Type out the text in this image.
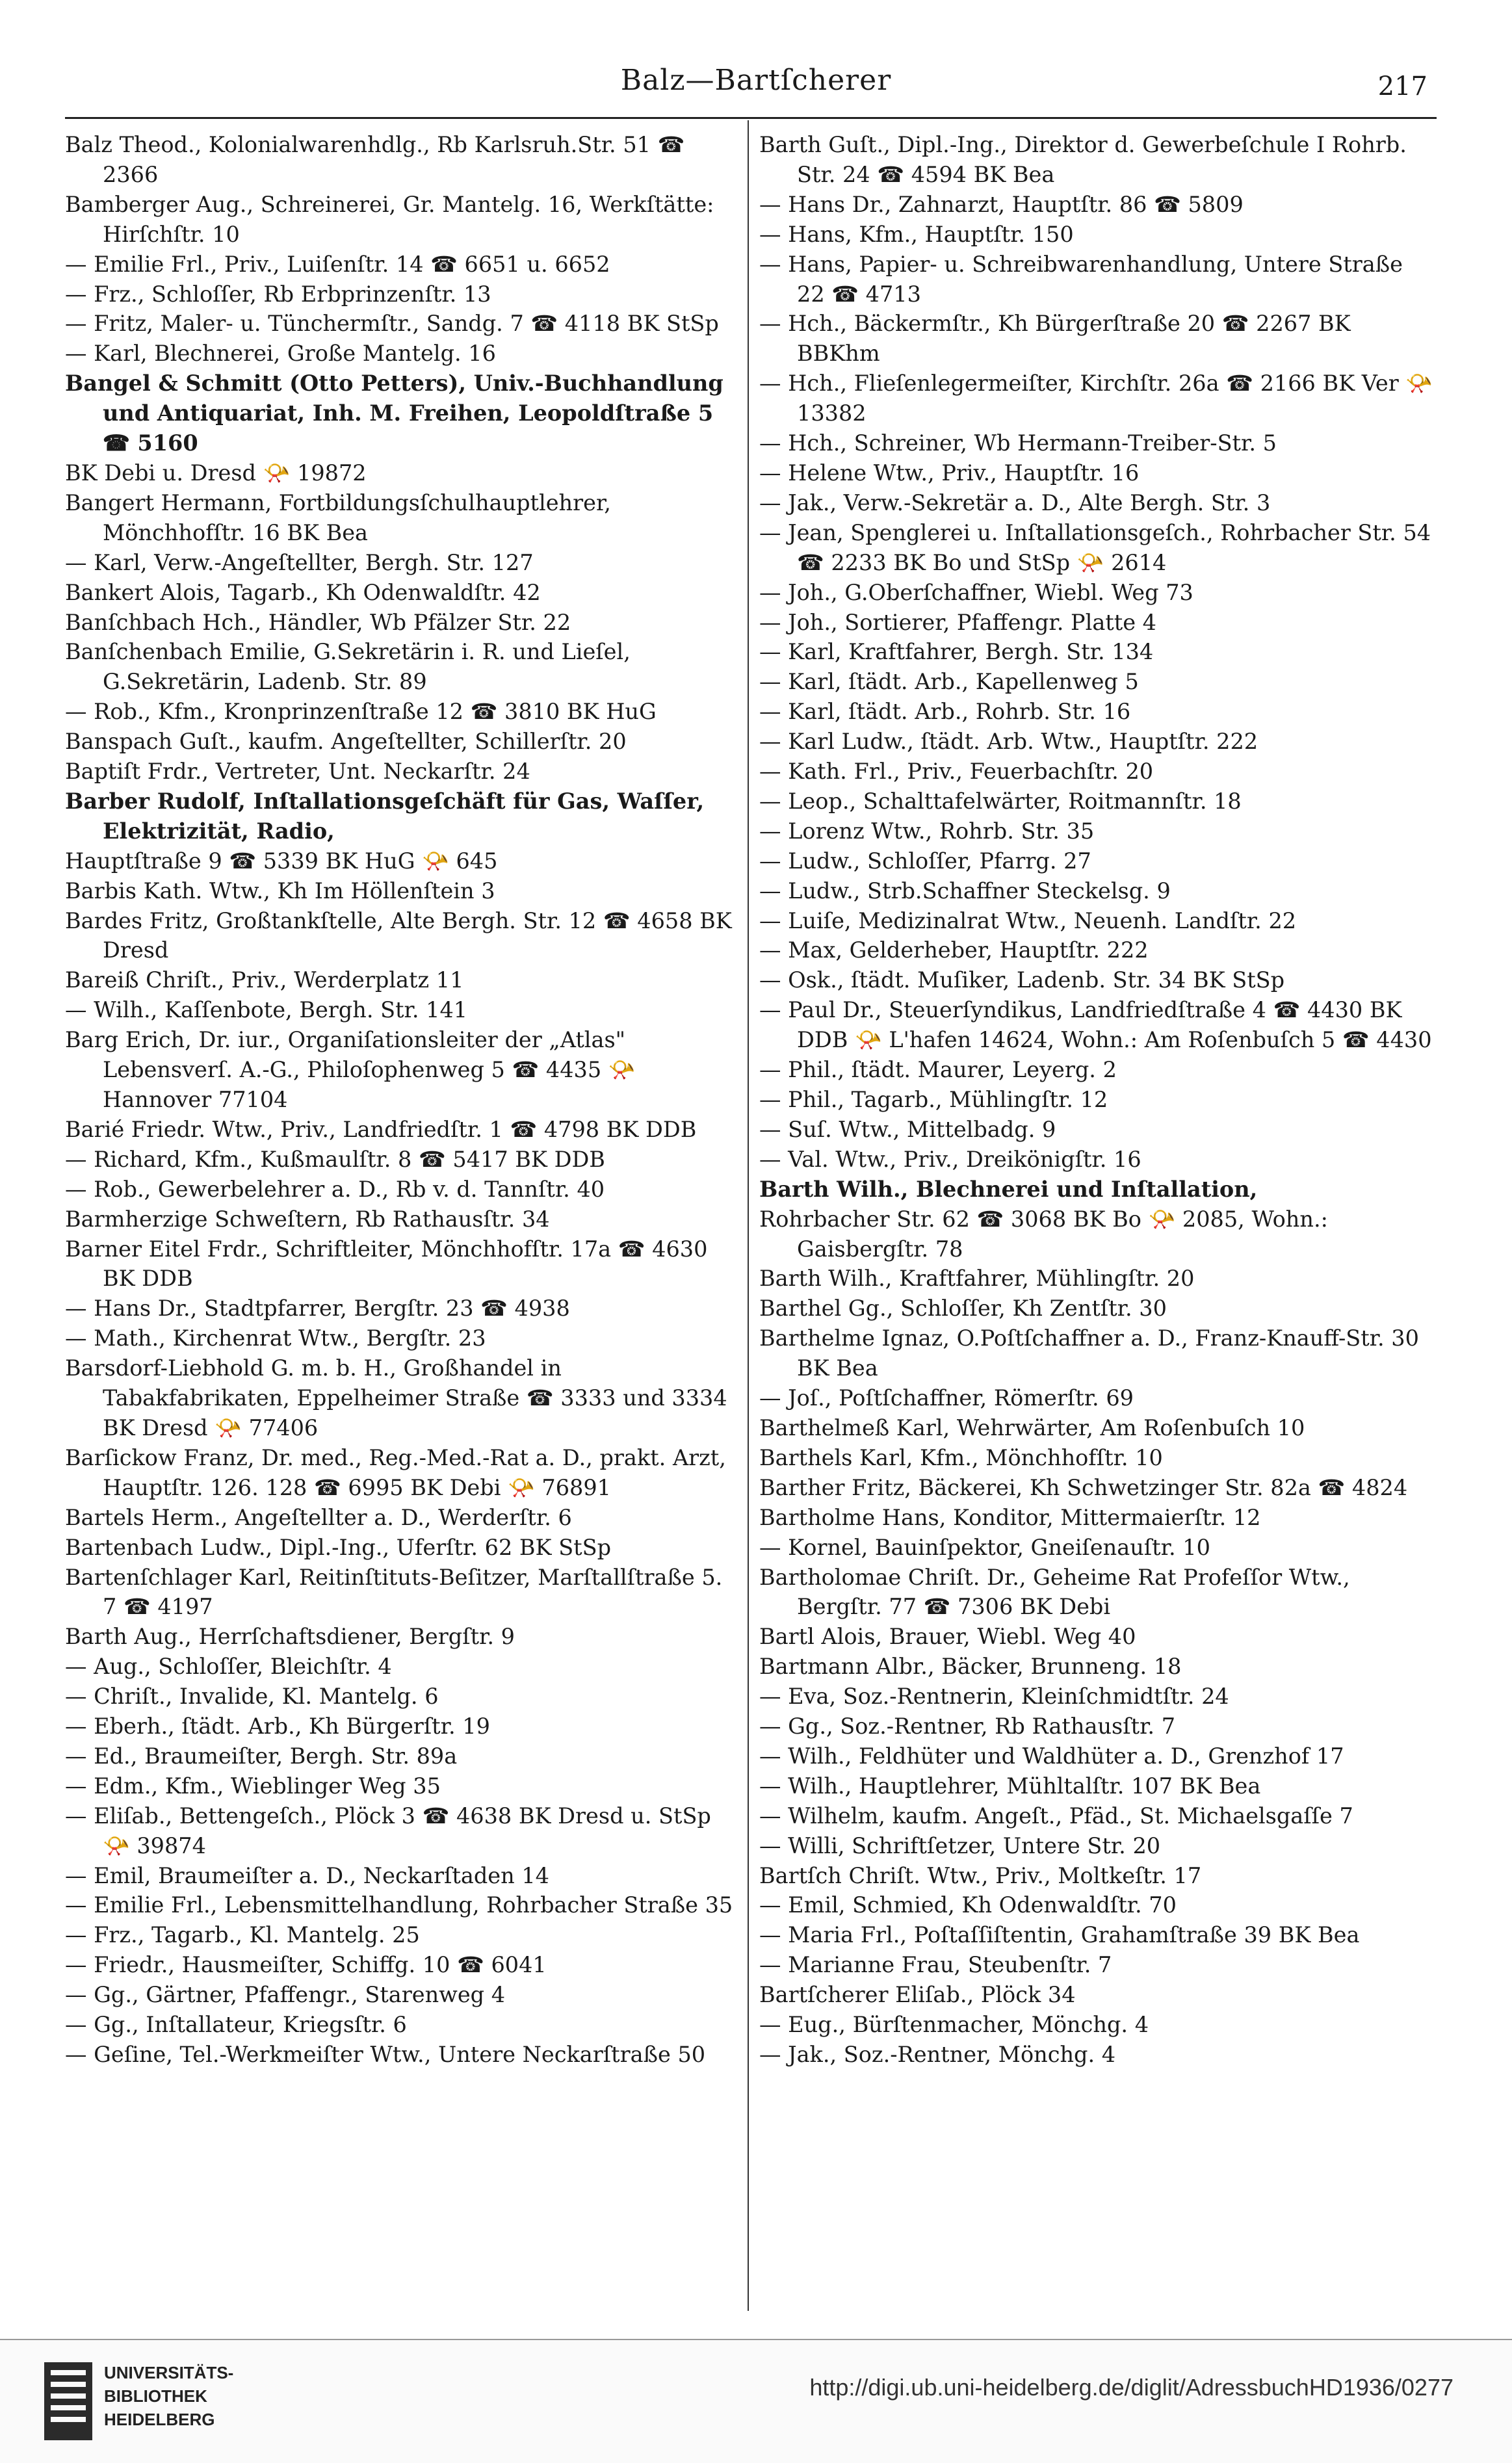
Balz—Bartſcherer	217

Balz Theod., Kolonialwarenhdlg., Rb Karlsruh.Str. 51 ☎ 2366

Bamberger Aug., Schreinerei, Gr. Mantelg. 16, Werkſtätte: Hirſchſtr. 10

— Emilie Frl., Priv., Luiſenſtr. 14 ☎ 6651 u. 6652

— Frz., Schloſſer, Rb Erbprinzenſtr. 13

— Fritz, Maler- u. Tünchermſtr., Sandg. 7 ☎ 4118 BK StSp

— Karl, Blechnerei, Große Mantelg. 16

Bangel & Schmitt (Otto Petters), Univ.-Buchhandlung und Antiquariat, Inh. M. Freihen, Leopoldſtraße 5 ☎ 5160

BK Debi u. Dresd 📯 19872

Bangert Hermann, Fortbildungsſchulhauptlehrer, Mönchhofſtr. 16 BK Bea

— Karl, Verw.-Angeſtellter, Bergh. Str. 127

Bankert Alois, Tagarb., Kh Odenwaldſtr. 42

Banſchbach Hch., Händler, Wb Pfälzer Str. 22

Banſchenbach Emilie, G.Sekretärin i. R. und Lieſel, G.Sekretärin, Ladenb. Str. 89

— Rob., Kfm., Kronprinzenſtraße 12 ☎ 3810 BK HuG

Banspach Guſt., kaufm. Angeſtellter, Schillerſtr. 20

Baptiſt Frdr., Vertreter, Unt. Neckarſtr. 24

Barber Rudolf, Inſtallationsgeſchäft für Gas, Waſſer, Elektrizität, Radio,

Hauptſtraße 9 ☎ 5339 BK HuG 📯 645

Barbis Kath. Wtw., Kh Im Höllenſtein 3

Bardes Fritz, Großtankſtelle, Alte Bergh. Str. 12 ☎ 4658 BK Dresd

Bareiß Chriſt., Priv., Werderplatz 11

— Wilh., Kaſſenbote, Bergh. Str. 141

Barg Erich, Dr. iur., Organiſationsleiter der „Atlas" Lebensverſ. A.-G., Philoſophenweg 5 ☎ 4435 📯 Hannover 77104

Barié Friedr. Wtw., Priv., Landfriedſtr. 1 ☎ 4798 BK DDB

— Richard, Kfm., Kußmaulſtr. 8 ☎ 5417 BK DDB

— Rob., Gewerbelehrer a. D., Rb v. d. Tannſtr. 40

Barmherzige Schweſtern, Rb Rathausſtr. 34

Barner Eitel Frdr., Schriftleiter, Mönchhofſtr. 17a ☎ 4630 BK DDB

— Hans Dr., Stadtpfarrer, Bergſtr. 23 ☎ 4938

— Math., Kirchenrat Wtw., Bergſtr. 23

Barsdorf-Liebhold G. m. b. H., Großhandel in Tabakfabrikaten, Eppelheimer Straße ☎ 3333 und 3334 BK Dresd 📯 77406

Barſickow Franz, Dr. med., Reg.-Med.-Rat a. D., prakt. Arzt, Hauptſtr. 126. 128 ☎ 6995 BK Debi 📯 76891

Bartels Herm., Angeſtellter a. D., Werderſtr. 6

Bartenbach Ludw., Dipl.-Ing., Uferſtr. 62 BK StSp

Bartenſchlager Karl, Reitinſtituts-Beſitzer, Marſtallſtraße 5. 7 ☎ 4197

Barth Aug., Herrſchaftsdiener, Bergſtr. 9

— Aug., Schloſſer, Bleichſtr. 4

— Chriſt., Invalide, Kl. Mantelg. 6

— Eberh., ſtädt. Arb., Kh Bürgerſtr. 19

— Ed., Braumeiſter, Bergh. Str. 89a

— Edm., Kfm., Wieblinger Weg 35

— Eliſab., Bettengeſch., Plöck 3 ☎ 4638 BK Dresd u. StSp 📯 39874

— Emil, Braumeiſter a. D., Neckarſtaden 14

— Emilie Frl., Lebensmittelhandlung, Rohrbacher Straße 35

— Frz., Tagarb., Kl. Mantelg. 25

— Friedr., Hausmeiſter, Schiffg. 10 ☎ 6041

— Gg., Gärtner, Pfaffengr., Starenweg 4

— Gg., Inſtallateur, Kriegsſtr. 6

— Geſine, Tel.-Werkmeiſter Wtw., Untere Neckarſtraße 50

Barth Guſt., Dipl.-Ing., Direktor d. Gewerbeſchule I Rohrb. Str. 24 ☎ 4594 BK Bea

— Hans Dr., Zahnarzt, Hauptſtr. 86 ☎ 5809

— Hans, Kfm., Hauptſtr. 150

— Hans, Papier- u. Schreibwarenhandlung, Untere Straße 22 ☎ 4713

— Hch., Bäckermſtr., Kh Bürgerſtraße 20 ☎ 2267 BK BBKhm

— Hch., Flieſenlegermeiſter, Kirchſtr. 26a ☎ 2166 BK Ver 📯 13382

— Hch., Schreiner, Wb Hermann-Treiber-Str. 5

— Helene Wtw., Priv., Hauptſtr. 16

— Jak., Verw.-Sekretär a. D., Alte Bergh. Str. 3

— Jean, Spenglerei u. Inſtallationsgeſch., Rohrbacher Str. 54 ☎ 2233 BK Bo und StSp 📯 2614

— Joh., G.Oberſchaffner, Wiebl. Weg 73

— Joh., Sortierer, Pfaffengr. Platte 4

— Karl, Kraftfahrer, Bergh. Str. 134

— Karl, ſtädt. Arb., Kapellenweg 5

— Karl, ſtädt. Arb., Rohrb. Str. 16

— Karl Ludw., ſtädt. Arb. Wtw., Hauptſtr. 222

— Kath. Frl., Priv., Feuerbachſtr. 20

— Leop., Schalttafelwärter, Roitmannſtr. 18

— Lorenz Wtw., Rohrb. Str. 35

— Ludw., Schloſſer, Pfarrg. 27

— Ludw., Strb.Schaffner Steckelsg. 9

— Luiſe, Medizinalrat Wtw., Neuenh. Landſtr. 22

— Max, Gelderheber, Hauptſtr. 222

— Osk., ſtädt. Muſiker, Ladenb. Str. 34 BK StSp

— Paul Dr., Steuerſyndikus, Landfriedſtraße 4 ☎ 4430 BK DDB 📯 L'hafen 14624, Wohn.: Am Roſenbuſch 5 ☎ 4430

— Phil., ſtädt. Maurer, Leyerg. 2

— Phil., Tagarb., Mühlingſtr. 12

— Suſ. Wtw., Mittelbadg. 9

— Val. Wtw., Priv., Dreikönigſtr. 16

Barth Wilh., Blechnerei und Inſtallation,

Rohrbacher Str. 62 ☎ 3068 BK Bo 📯 2085, Wohn.: Gaisbergſtr. 78

Barth Wilh., Kraftfahrer, Mühlingſtr. 20

Barthel Gg., Schloſſer, Kh Zentſtr. 30

Barthelme Ignaz, O.Poſtſchaffner a. D., Franz-Knauff-Str. 30 BK Bea

— Joſ., Poſtſchaffner, Römerſtr. 69

Barthelmeß Karl, Wehrwärter, Am Roſenbuſch 10

Barthels Karl, Kfm., Mönchhofſtr. 10

Barther Fritz, Bäckerei, Kh Schwetzinger Str. 82a ☎ 4824

Bartholme Hans, Konditor, Mittermaierſtr. 12

— Kornel, Bauinſpektor, Gneiſenauſtr. 10

Bartholomae Chriſt. Dr., Geheime Rat Profeſſor Wtw., Bergſtr. 77 ☎ 7306 BK Debi

Bartl Alois, Brauer, Wiebl. Weg 40

Bartmann Albr., Bäcker, Brunneng. 18

— Eva, Soz.-Rentnerin, Kleinſchmidtſtr. 24

— Gg., Soz.-Rentner, Rb Rathausſtr. 7

— Wilh., Feldhüter und Waldhüter a. D., Grenzhof 17

— Wilh., Hauptlehrer, Mühltalſtr. 107 BK Bea

— Wilhelm, kaufm. Angeſt., Pfäd., St. Michaelsgaſſe 7

— Willi, Schriftſetzer, Untere Str. 20

Bartſch Chriſt. Wtw., Priv., Moltkeſtr. 17

— Emil, Schmied, Kh Odenwaldſtr. 70

— Maria Frl., Poſtaſſiſtentin, Grahamſtraße 39 BK Bea

— Marianne Frau, Steubenſtr. 7

Bartſcherer Eliſab., Plöck 34

— Eug., Bürſtenmacher, Mönchg. 4

— Jak., Soz.-Rentner, Mönchg. 4

UNIVERSITÄTS-
BIBLIOTHEK
HEIDELBERG
http://digi.ub.uni-heidelberg.de/diglit/AdressbuchHD1936/0277
